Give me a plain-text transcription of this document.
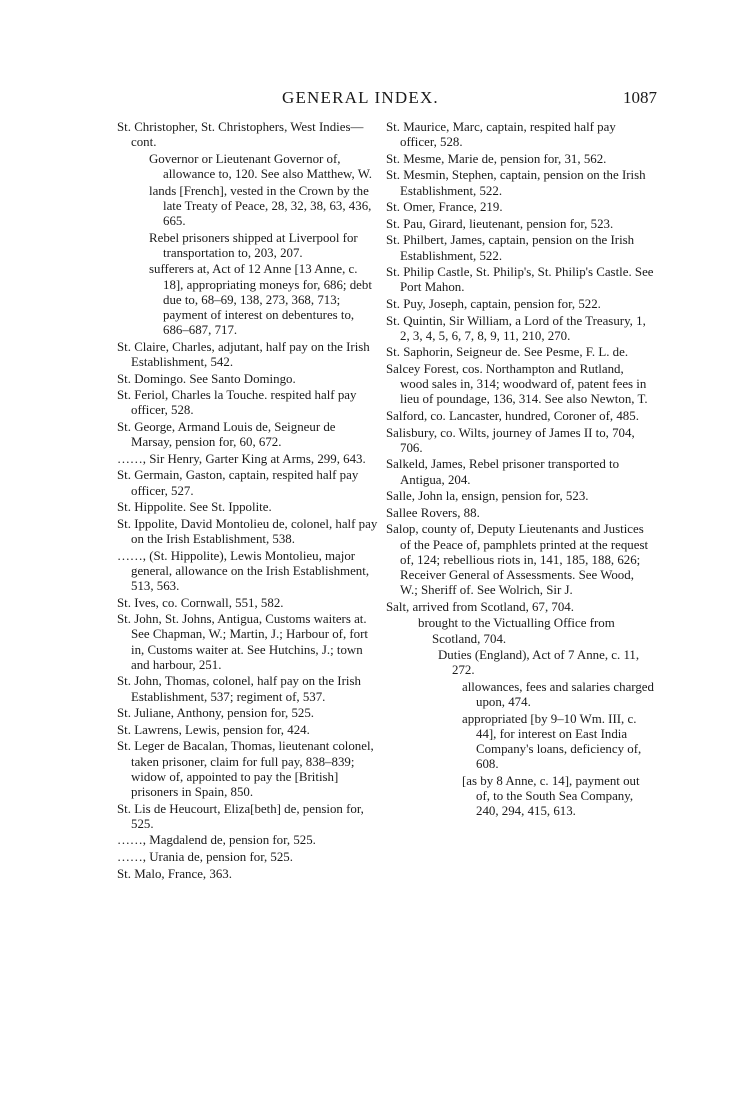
GENERAL INDEX.	1087
St. Christopher, St. Christophers, West Indies—cont.
Governor or Lieutenant Governor of, allowance to, 120. See also Matthew, W.
lands [French], vested in the Crown by the late Treaty of Peace, 28, 32, 38, 63, 436, 665.
Rebel prisoners shipped at Liverpool for transportation to, 203, 207.
sufferers at, Act of 12 Anne [13 Anne, c. 18], appropriating moneys for, 686; debt due to, 68–69, 138, 273, 368, 713; payment of interest on debentures to, 686–687, 717.
St. Claire, Charles, adjutant, half pay on the Irish Establishment, 542.
St. Domingo. See Santo Domingo.
St. Feriol, Charles la Touche. respited half pay officer, 528.
St. George, Armand Louis de, Seigneur de Marsay, pension for, 60, 672.
……, Sir Henry, Garter King at Arms, 299, 643.
St. Germain, Gaston, captain, respited half pay officer, 527.
St. Hippolite. See St. Ippolite.
St. Ippolite, David Montolieu de, colonel, half pay on the Irish Establishment, 538.
……, (St. Hippolite), Lewis Montolieu, major general, allowance on the Irish Establishment, 513, 563.
St. Ives, co. Cornwall, 551, 582.
St. John, St. Johns, Antigua, Customs waiters at. See Chapman, W.; Martin, J.; Harbour of, fort in, Customs waiter at. See Hutchins, J.; town and harbour, 251.
St. John, Thomas, colonel, half pay on the Irish Establishment, 537; regiment of, 537.
St. Juliane, Anthony, pension for, 525.
St. Lawrens, Lewis, pension for, 424.
St. Leger de Bacalan, Thomas, lieutenant colonel, taken prisoner, claim for full pay, 838–839; widow of, appointed to pay the [British] prisoners in Spain, 850.
St. Lis de Heucourt, Eliza[beth] de, pension for, 525.
……, Magdalend de, pension for, 525.
……, Urania de, pension for, 525.
St. Malo, France, 363.
St. Maurice, Marc, captain, respited half pay officer, 528.
St. Mesme, Marie de, pension for, 31, 562.
St. Mesmin, Stephen, captain, pension on the Irish Establishment, 522.
St. Omer, France, 219.
St. Pau, Girard, lieutenant, pension for, 523.
St. Philbert, James, captain, pension on the Irish Establishment, 522.
St. Philip Castle, St. Philip's, St. Philip's Castle. See Port Mahon.
St. Puy, Joseph, captain, pension for, 522.
St. Quintin, Sir William, a Lord of the Treasury, 1, 2, 3, 4, 5, 6, 7, 8, 9, 11, 210, 270.
St. Saphorin, Seigneur de. See Pesme, F. L. de.
Salcey Forest, cos. Northampton and Rutland, wood sales in, 314; woodward of, patent fees in lieu of poundage, 136, 314. See also Newton, T.
Salford, co. Lancaster, hundred, Coroner of, 485.
Salisbury, co. Wilts, journey of James II to, 704, 706.
Salkeld, James, Rebel prisoner transported to Antigua, 204.
Salle, John la, ensign, pension for, 523.
Sallee Rovers, 88.
Salop, county of, Deputy Lieutenants and Justices of the Peace of, pamphlets printed at the request of, 124; rebellious riots in, 141, 185, 188, 626; Receiver General of Assessments. See Wood, W.; Sheriff of. See Wolrich, Sir J.
Salt, arrived from Scotland, 67, 704.
brought to the Victualling Office from Scotland, 704.
Duties (England), Act of 7 Anne, c. 11, 272.
allowances, fees and salaries charged upon, 474.
appropriated [by 9–10 Wm. III, c. 44], for interest on East India Company's loans, deficiency of, 608.
[as by 8 Anne, c. 14], payment out of, to the South Sea Company, 240, 294, 415, 613.
